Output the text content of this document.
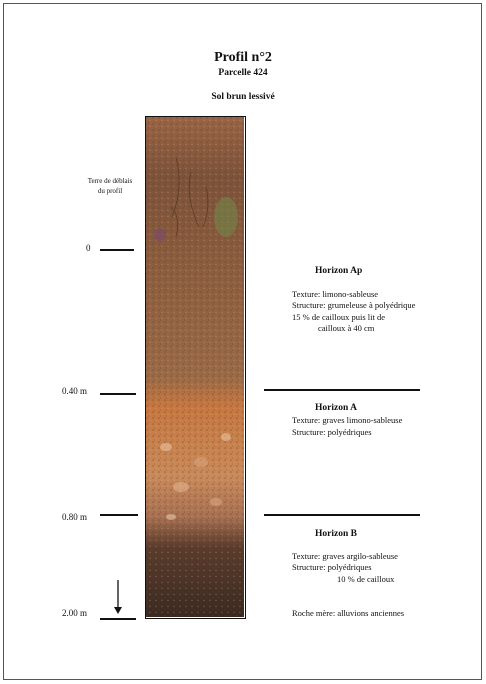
Profil n°2
Parcelle 424
Sol brun lessivé
Terre de déblais
du profil
0
0.40 m
0.80 m
2.00 m
Horizon Ap
Texture: limono-sableuse
Structure: grumeleuse à polyédrique
15 % de cailloux puis lit de
cailloux à 40 cm
Horizon A
Texture: graves limono-sableuse
Structure: polyédriques
Horizon B
Texture: graves argilo-sableuse
Structure: polyédriques
10 % de cailloux
Roche mère: alluvions anciennes
